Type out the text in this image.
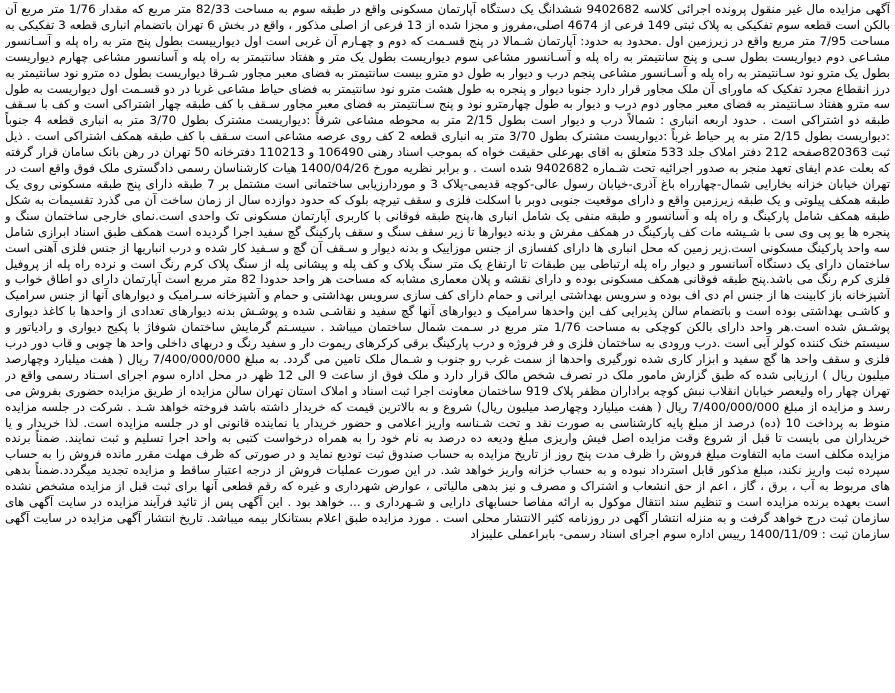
آگهی مزایده مال غیر منقول پرونده اجرائی کلاسه 9402682 ششدانگ یک دستگاه آپارتمان مسکونی واقع در طبقه سوم به مساحت 82/33 متر مربع که مقدار 1/76 متر مربع آن بالکن است قطعه سوم تفکیکی به پلاک ثبتی 149 فرعی از 4674 اصلی،مفروز و مجزا شده از 13 فرعی از اصلی مذکور ، واقع در بخش 6 تهران باتضمام انباری قطعه 3 تفکیکی به مساحت 7/95 متر مربع واقع در زیرزمین اول .محدود به حدود: آپارتمان شـمالا در پنج قسـمت که دوم و چهـارم آن غربی است اول دیوارییست بطول پنج متر به راه پله و آسـانسور مشـاعی دوم دیواریست بطول سـی و پنج سانتیمتر به راه پله و آسـانسور مشاعی سوم دیواریست بطول یک متر و هفتاد سانتیمتر به راه پله و آسانسور مشاعی چهارم دیواریست بطول یک مترو نود سـانتیمتر به راه پله و آسـانسور مشاعی پنجم درب و دیوار به طول دو مترو بیست سانتیمتر به فضای معبر مجاور شـرقا دیواریست بطول ده مترو نود سانتیمتر به درز انقطاع مجرد تفکیک که ماورای آن ملک مجاور قرار دارد جنوبا دیوار و پنجره به طول هشت مترو نود سانتیمتر به فضای حیاط مشاعی غربا در دو قسـمت اول دیواریست به طول سه مترو هفتاد سـانتیمتر به فضای معبر مجاور دوم درب و دیوار به طول چهارمترو نود و پنج سـانتیمتر به فضای معبر مجاور سـقف با کف طبقه چهار اشتراکی است و کف با سـقف طبقه دو اشتراکی است . حدود اربعه انباری : شمالاً درب و دیوار است بطول 2/15 متر به محوطه مشاعی شرقاً :دیواریست مشترک بطول 3/70 متر به انباری قطعه 4 جنوباً :دیواریست بطول 2/15 متر به پر حیاط غرباً :دیواریست مشترک بطول 3/70 متر به انباری قطعه 2 کف روی عرصه مشاعی است سـقف با کف طبقه همکف اشتراکی است . ذیل ثبت 820363صفحه 212 دفتر املاک جلد 533 متعلق به اقای بهرعلی حقیقت خواه که بموجب اسناد رهنی 106490 و 110213 دفترخانه 50 تهران در رهن بانک سامان قرار گرفته که بعلت عدم ایفای تعهد منجر به صدور اجرائیه تحت شـماره 9402682 شده است . و برابر نظریه مورخ 1400/04/26 هیات کارشناسان رسمی دادگستری ملک فوق واقع است در تهران خیابان خزانه بخارایی شمال-چهارراه باغ آذری-خیابان رسول عالی-کوچه قدیمی-پلاک 3 و موردارزیابی ساختمانی است مشتمل بر 7 طبقه دارای پنج طبقه مسکونی روی یک طبقه همکف پیلوتی و یک طبقه زیرزمین واقع و دارای موقعیت جنوبی دوبر با اسکلت فلزی و سقف تیرچه بلوک که حدود دوازده سال از زمان ساخت آن می گذرد تقسیمات به شکل طبقه همکف شامل پارکینگ و راه پله و آسانسور و طبقه منفی یک شامل انباری ها،پنج طبقه فوقانی با کاربری آپارتمان مسکونی تک واحدی است.نمای خارجی ساختمان سنگ و پنجره ها یو پی وی سی با شـیشه مات کف پارکینگ در همکف مفرش و بدنه دیوارها تا زیر سقف سنگ و سقف پارکینگ گچ سفید اجرا گردیده است همکف طبق اسناد ابرازی شامل سه واحد پارکینگ مسکونی است.زیر زمین که محل انباری ها دارای کفسازی از جنس موزاییک و بدنه دیوار و سـقف آن گچ و سـفید کار شده و درب انباریها از جنس فلزی آهنی است ساختمان دارای یک دستگاه آسانسور و دیوار راه پله ارتباطی بین طبقات تا ارتفاع یک متر سنگ پلاک و کف پله و پیشانی پله از سنگ پلاک کرم رنگ است و نرده راه پله از پروفیل فلزی کرم رنگ می باشد.پنج طبقه فوقانی همکف مسکونی بوده و دارای نقشه و پلان معماری مشابه که مساحت هر واحد حدودا 82 متر مربع است آپارتمان دارای دو اطاق خواب و آشپزخانه باز کابینت ها از جنس ام دی اف بوده و سرویس بهداشتی ایرانی و حمام دارای کف سازی سرویس بهداشتی و حمام و آشپزخانه سـرامیک و دیوارهای آنها از جنس سرامیک و کاشـی بهداشتی بوده است و باتضمام سالن پذیرایی کف این واحدها سرامیک و دیوارهای آنها گچ سفید و نقاشـی شده و پوشـش بدنه دیوارهای تعدادی از واحدها با کاغذ دیواری پوشـش شده است.هر واحد دارای بالکن کوچکی به مساحت 1/76 متر مربع در سـمت شمال ساختمان میباشد . سیسـتم گرمایش ساختمان شوفاژ با پکیج دیواری و رادیاتور و سیستم خنک کننده کولر آبی است .درب ورودی به ساختمان فلزی و فر فروژه و درب پارکینگ برقی کرکرهای ریموت دار و سفید رنگ و دربهای داخلی واحد ها چوبی و قاب دور درب فلزی و سقف واحد ها گچ سفید و ابزار کاری شده نورگیری واحدها از سمت غرب رو جنوب و شـمال ملک تامین می گردد. به مبلغ 7/400/000/000 ریال ( هفت میلیارد وچهارصد میلیون ریال ) ارزیابی شده که طبق گزارش مامور ملک در تصرف شخص مالک قرار دارد و ملک فوق از ساعت 9 الی 12 ظهر در محل اداره سوم اجرای اسـناد رسمی واقع در تهران چهار راه ولیعصر خیابان انقلاب نبش کوچه براداران مظفر پلاک 919 ساختمان معاونت اجرا ثبت اسناد و املاک استان تهران سالن مزایده از طریق مزایده حضوری بفروش می رسد و مزایده از مبلغ 7/400/000/000 ریال ( هفت میلیارد وچهارصد میلیون ریال) شروع و به بالاترین قیمت که خریدار داشته باشد فروخته خواهد شـد . شرکت در جلسه مزایده منوط به پرداخت 10 (ده) درصد از مبلغ پایه کارشناسی به صورت نقد و تحت شـناسه واریز اعلامی و حضور خریدار یا نماینده قانونی او در جلسه مزایده است. لذا خریدار و یا خریداران می بایست تا قبل از شروع وقت مزایده اصل فیش واریزی مبلغ ودیعه ده درصد به نام خود را به همراه درخواست کتبی به واحد اجرا تسلیم و ثبت نمایند. ضمناً برنده مزایده مکلف است مابه التفاوت مبلغ فروش را ظرف مدت پنج روز از تاریخ مزایده به حساب صندوق ثبت تودیع نماید و در صورتی که ظرف مهلت مقرر مانده فروش را به حساب سپرده ثبت واریز نکند، مبلغ مذکور قابل استرداد نبوده و به حساب خزانه واریز خواهد شد. در این صورت عملیات فروش از درجه اعتبار ساقط و مزایده تجدید میگردد.ضمناً بدهی های مربوط به آب ، برق ، گاز ، اعم از حق انشعاب و اشتراک و مصرف و نیز بدهی مالیاتی ، عوارض شهرداری و غیره که رقم قطعی آنها برای ثبت قبل از مزایده مشخص نشده است بعهده برنده مزایده است و تنظیم سند انتقال موکول به ارائه مفاصا حسابهای دارایی و شـهرداری و ... خواهد بود . این آگهی پس از تائید فرآیند مزایده در سایت آگهی های سازمان ثبت درج خواهد گرفت و به منزله انتشار آگهی در روزنامه کثیر الانتشار محلی است . مورد مزایده طبق اعلام بستانکار بیمه میباشد. تاریخ انتشار آگهی مزایده در سایت آگهی سازمان ثبت : 1400/11/09 رییس اداره سوم اجرای اسناد رسمی- بابراعملی علیبزاد
